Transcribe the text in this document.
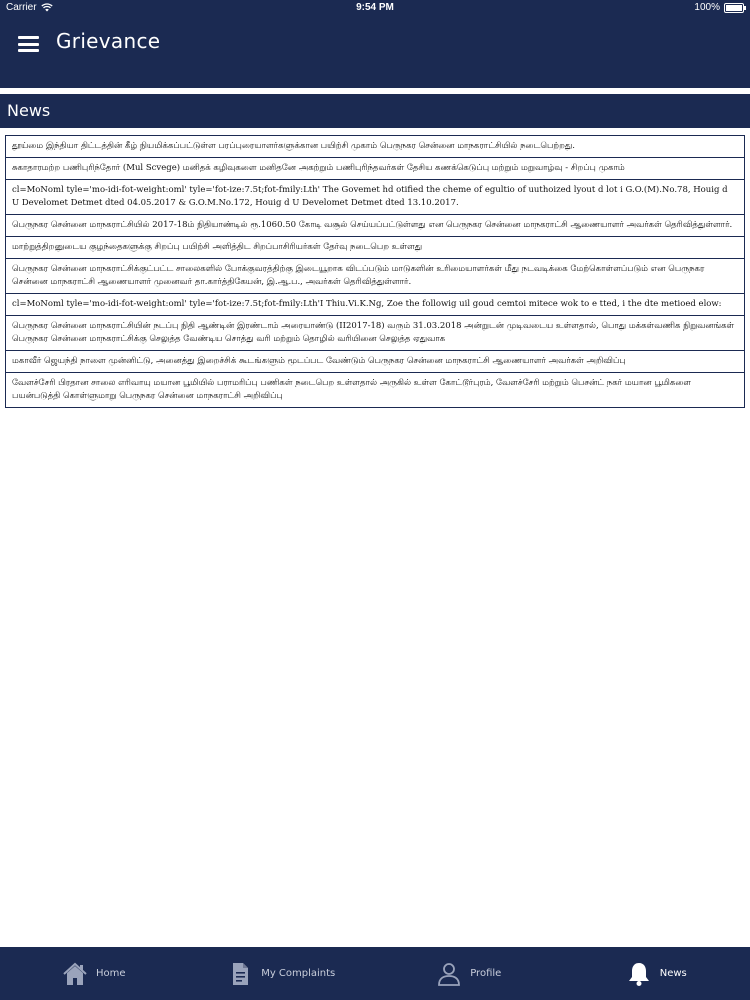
Carrier	9:54 PM	100%
Grievance
News
தூய்மை இந்தியா திட்டத்தின் கீழ் நியமிக்கப்பட்டுள்ள பரப்புரையாளர்களுக்கான பயிற்சி முகாம் பெருநகர சென்னை மாநகராட்சியில் நடைபெற்றது.
சுகாதாரமற்ற பணிபுரிந்தோர் (Mul Scvege) மனிதக் கழிவுகளை மனிதனே அகற்றும் பணிபுரிந்தவர்கள் தேசிய கணக்கெடுப்பு மற்றும் மறுவாழ்வு - சிறப்பு முகாம்
cl=MoNoml tyle='mo-idi-fot-weight:oml' tyle='fot-ize:7.5t;fot-fmily:Lth' The Govemet hd otified the cheme of egultio of uuthoized lyout d lot i G.O.(M).No.78, Houig d U Develomet Detmet dted 04.05.2017 & G.O.M.No.172, Houig d U Develomet Detmet dted 13.10.2017.
பெருநகர சென்னை மாநகராட்சியில் 2017-18ம் நிதியாண்டில் ரூ.1060.50 கோடி வசூல் செய்யப்பட்டுள்ளது என பெருநகர சென்னை மாநகராட்சி ஆணையாளர் அவர்கள் தெரிவித்துள்ளார்.
மாற்றுத்திறனுடைய குழந்தைகளுக்கு சிறப்பு பயிற்சி அளித்திட சிறப்பாசிரியர்கள் தேர்வு நடைபெற உள்ளது
பெருநகர சென்னை மாநகராட்சிக்குட்பட்ட சாலைகளில் போக்குவரத்திற்கு இடையூறாக விடப்படும் மாடுகளின் உரிமையாளர்கள் மீது நடவடிக்கை மேற்கொள்ளப்படும் என பெருநகர சென்னை மாநகராட்சி ஆணையாளர் முனைவர் தா.கார்த்திகேயன், இ.ஆ.ப., அவர்கள் தெரிவித்துள்ளார்.
cl=MoNoml tyle='mo-idi-fot-weight:oml' tyle='fot-ize:7.5t;fot-fmily:Lth'I Thiu.Vi.K.Ng, Zoe the followig uil goud cemtoi mitece wok to e tted, i the dte metioed elow:
பெருநகர சென்னை மாநகராட்சியின் நடப்பு நிதி ஆண்டின் இரண்டாம் அரையாண்டு (II2017-18) வரும் 31.03.2018 அன்றுடன் முடிவடைய உள்ளதால், பொது மக்கள்வணிக நிறுவனங்கள் பெருநகர சென்னை மாநகராட்சிக்கு செலுத்த வேண்டிய சொத்து வரி மற்றும் தொழில் வரியினை செலுத்த ஏதுவாக
மகாவீர் ஜெயந்தி நாளை முன்னிட்டு, அனைத்து இறைச்சிக் கூடங்களும் மூடப்பட வேண்டும் பெருநகர சென்னை மாநகராட்சி ஆணையாளர் அவர்கள் அறிவிப்பு
வேளச்சேரி பிரதான சாலை எரிவாயு மயான பூமியில் பராமரிப்பு பணிகள் நடைபெற உள்ளதால் அருகில் உள்ள கோட்டூர்புரம், வேளச்சேரி மற்றும் பெசன்ட் நகர் மயான பூமிகளை பயன்படுத்தி கொள்ளுமாறு பெருநகர சென்னை மாநகராட்சி அறிவிப்பு
Home	My Complaints	Profile	News
